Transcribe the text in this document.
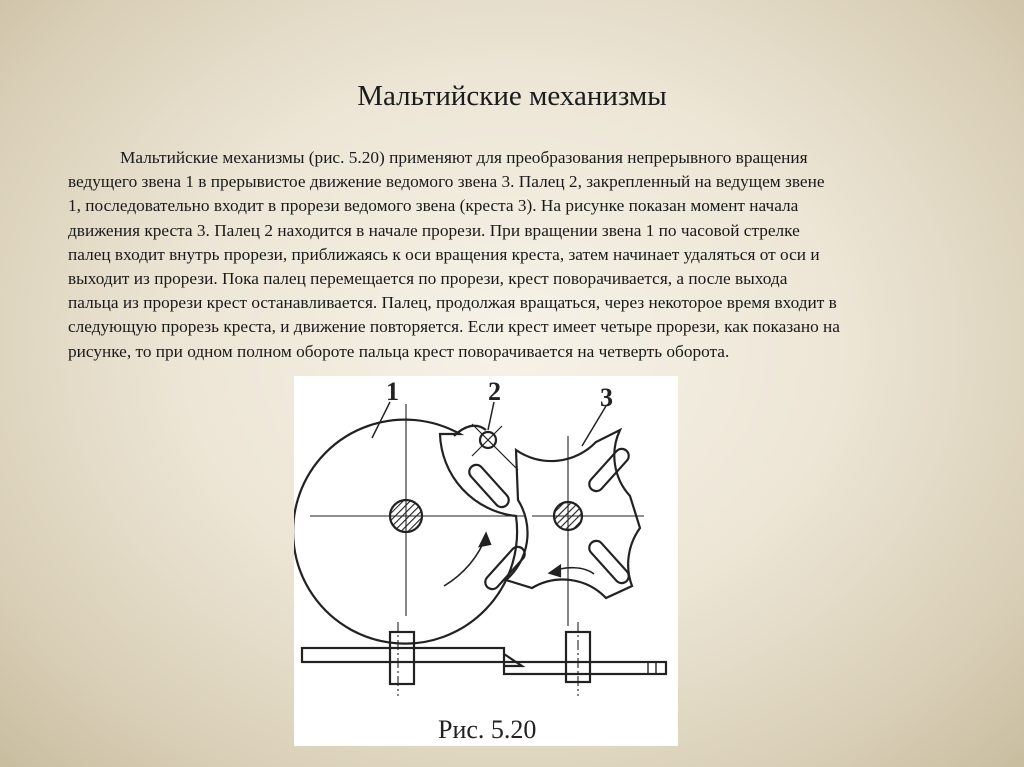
Мальтийские механизмы

Мальтийские механизмы (рис. 5.20) применяют для преобразования непрерывного вращения
ведущего звена 1 в прерывистое движение ведомого звена 3. Палец 2, закрепленный на ведущем звене
1, последовательно входит в прорези ведомого звена (креста 3). На рисунке показан момент начала
движения креста 3. Палец 2 находится в начале прорези. При вращении звена 1 по часовой стрелке
палец входит внутрь прорези, приближаясь к оси вращения креста, затем начинает удаляться от оси и
выходит из прорези. Пока палец перемещается по прорези, крест поворачивается, а после выхода
пальца из прорези крест останавливается. Палец, продолжая вращаться, через некоторое время входит в
следующую прорезь креста, и движение повторяется. Если крест имеет четыре прорези, как показано на
рисунке, то при одном полном обороте пальца крест поворачивается на четверть оборота.

1	2	3
Рис. 5.20
